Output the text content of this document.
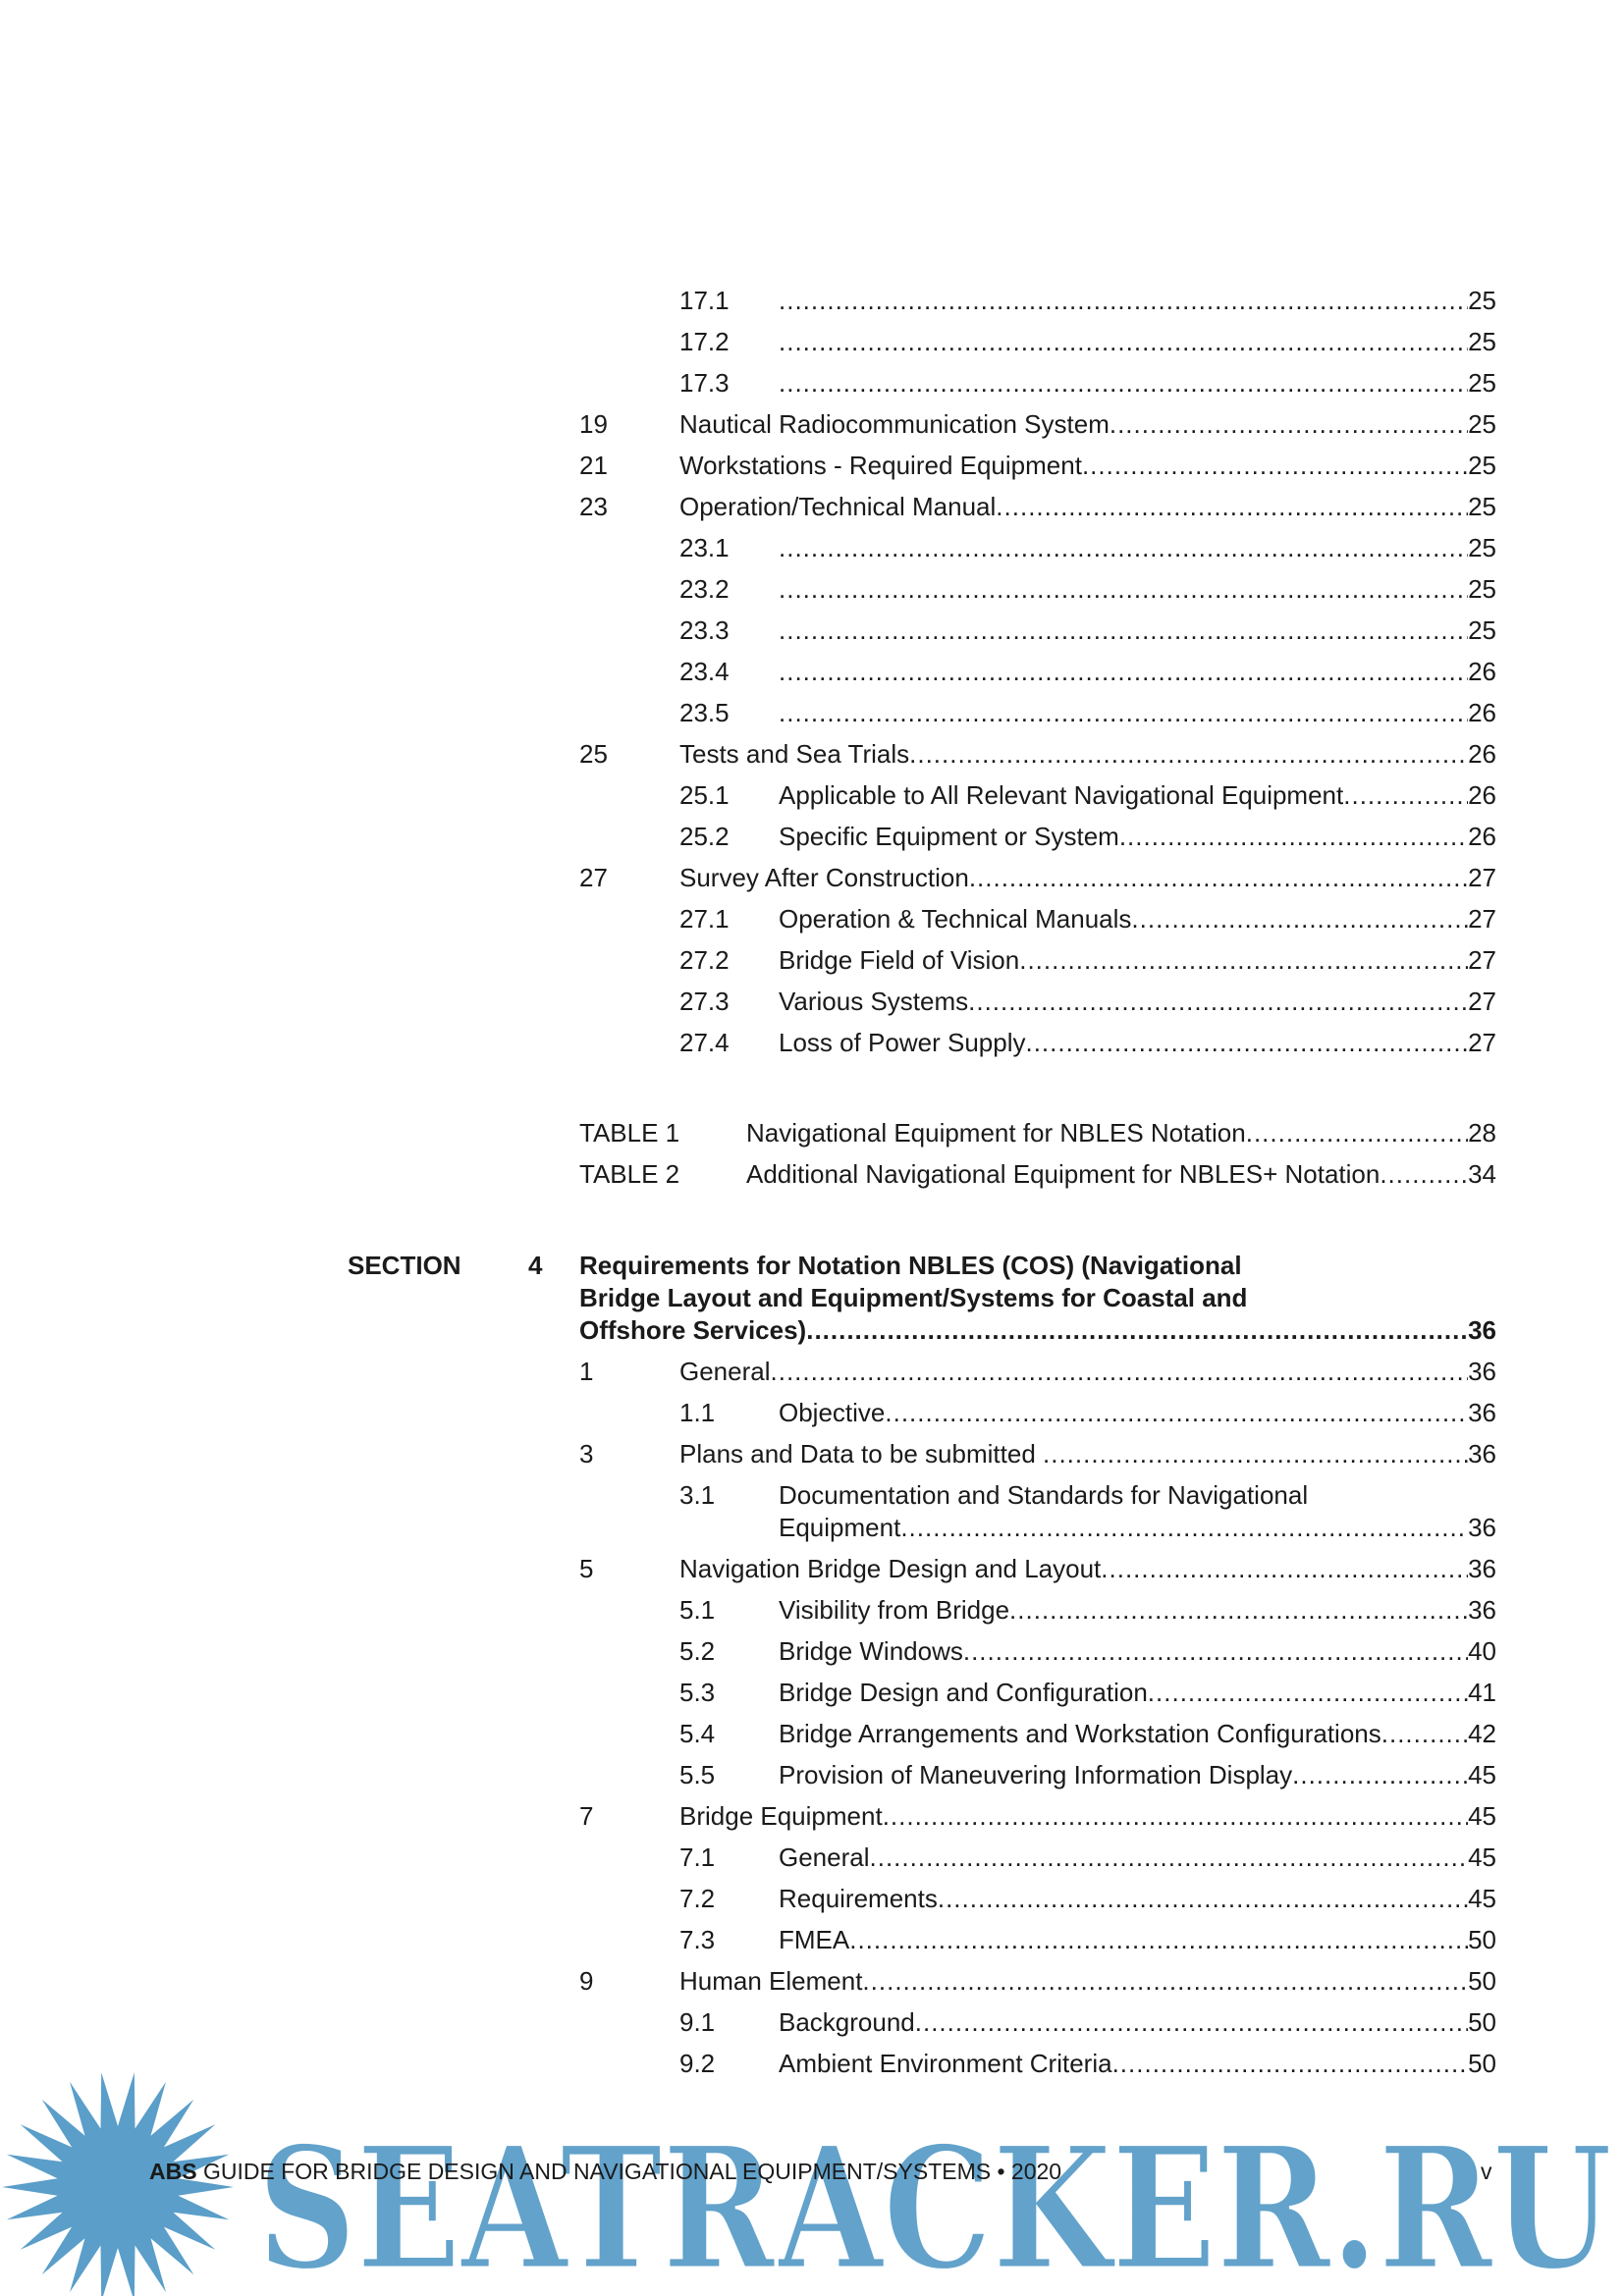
17.1 .....	25
17.2 .....	25
17.3 .....	25
19	Nautical Radiocommunication System .....	25
21	Workstations - Required Equipment .....	25
23	Operation/Technical Manual .....	25
23.1 .....	25
23.2 .....	25
23.3 .....	25
23.4 .....	26
23.5 .....	26
25	Tests and Sea Trials .....	26
25.1 Applicable to All Relevant Navigational Equipment .....	26
25.2 Specific Equipment or System .....	26
27	Survey After Construction .....	27
27.1 Operation & Technical Manuals .....	27
27.2 Bridge Field of Vision .....	27
27.3 Various Systems .....	27
27.4 Loss of Power Supply .....	27
TABLE 1	Navigational Equipment for NBLES Notation .....	28
TABLE 2	Additional Navigational Equipment for NBLES+ Notation .....	34
SECTION	4 Requirements for Notation NBLES (COS) (Navigational
Bridge Layout and Equipment/Systems for Coastal and
Offshore Services) .....	36
1	General .....	36
1.1 Objective .....	36
3	Plans and Data to be submitted .....	36
3.1 Documentation and Standards for Navigational
Equipment .....	36
5	Navigation Bridge Design and Layout .....	36
5.1 Visibility from Bridge .....	36
5.2 Bridge Windows .....	40
5.3 Bridge Design and Configuration .....	41
5.4 Bridge Arrangements and Workstation Configurations .....	42
5.5 Provision of Maneuvering Information Display .....	45
7	Bridge Equipment .....	45
7.1 General .....	45
7.2 Requirements .....	45
7.3 FMEA .....	50
9	Human Element .....	50
9.1 Background .....	50
9.2 Ambient Environment Criteria .....	50
SEATRACKER.RU
ABS GUIDE FOR BRIDGE DESIGN AND NAVIGATIONAL EQUIPMENT/SYSTEMS • 2020	v
